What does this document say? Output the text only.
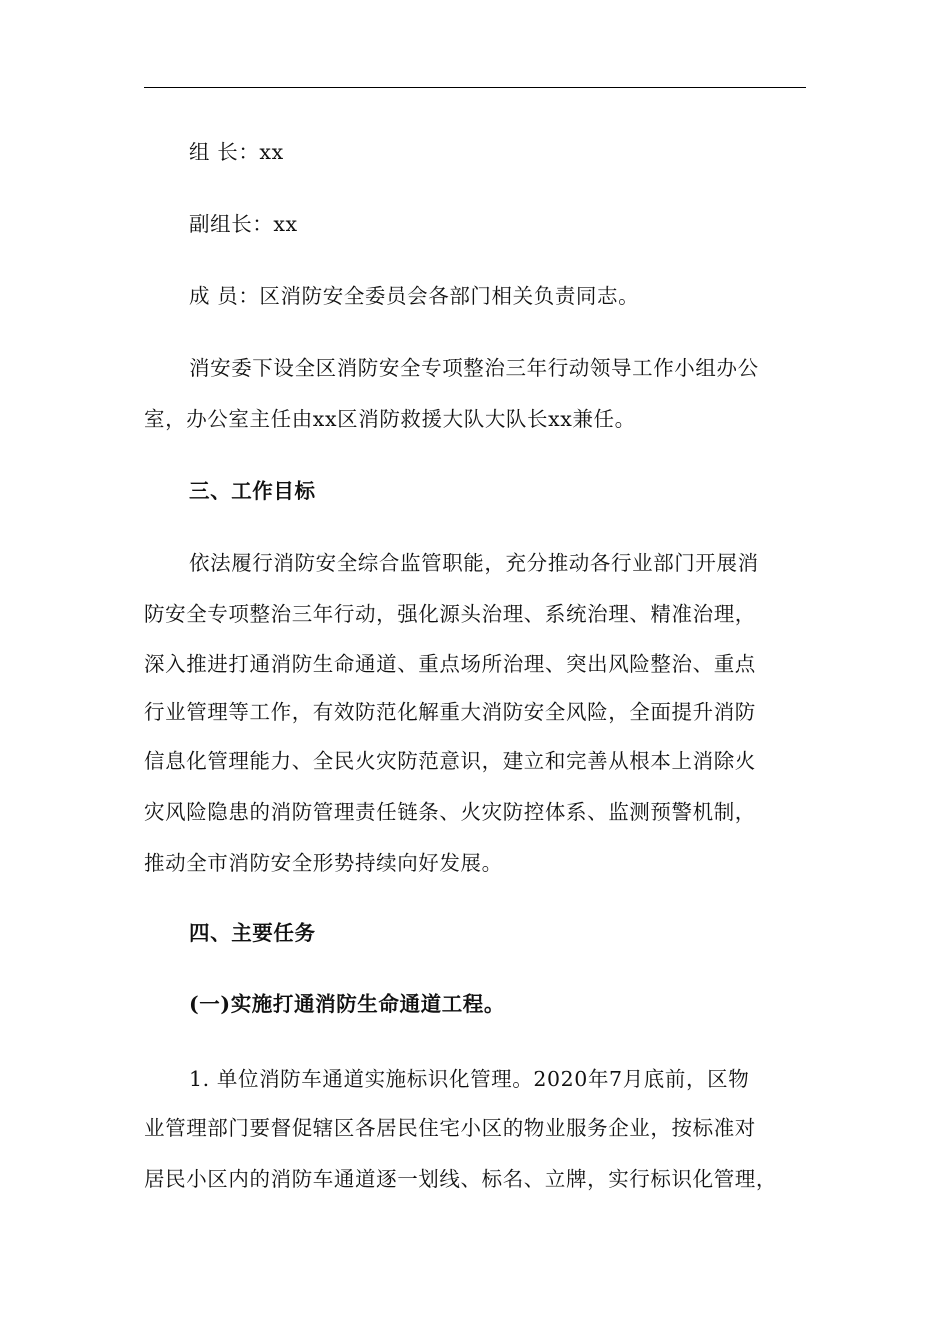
组 长：xx
副组长：xx
成 员：区消防安全委员会各部门相关负责同志。
消安委下设全区消防安全专项整治三年行动领导工作小组办公
室，办公室主任由xx区消防救援大队大队长xx兼任。
三、工作目标
依法履行消防安全综合监管职能，充分推动各行业部门开展消
防安全专项整治三年行动，强化源头治理、系统治理、精准治理，
深入推进打通消防生命通道、重点场所治理、突出风险整治、重点
行业管理等工作，有效防范化解重大消防安全风险，全面提升消防
信息化管理能力、全民火灾防范意识，建立和完善从根本上消除火
灾风险隐患的消防管理责任链条、火灾防控体系、监测预警机制，
推动全市消防安全形势持续向好发展。
四、主要任务
(一)实施打通消防生命通道工程。
1. 单位消防车通道实施标识化管理。2020年7月底前，区物
业管理部门要督促辖区各居民住宅小区的物业服务企业，按标准对
居民小区内的消防车通道逐一划线、标名、立牌，实行标识化管理，
